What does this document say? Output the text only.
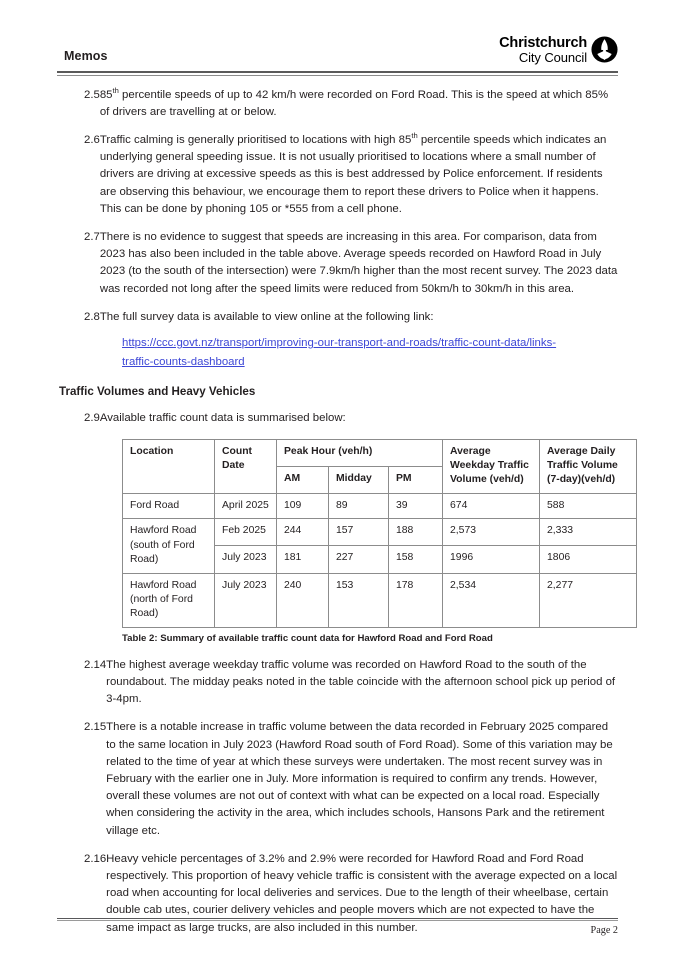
Memos
Christchurch
City Council
2.5 85th percentile speeds of up to 42 km/h were recorded on Ford Road. This is the speed at which 85% of drivers are travelling at or below.
2.6 Traffic calming is generally prioritised to locations with high 85th percentile speeds which indicates an underlying general speeding issue. It is not usually prioritised to locations where a small number of drivers are driving at excessive speeds as this is best addressed by Police enforcement. If residents are observing this behaviour, we encourage them to report these drivers to Police when it happens. This can be done by phoning 105 or *555 from a cell phone.
2.7 There is no evidence to suggest that speeds are increasing in this area. For comparison, data from 2023 has also been included in the table above. Average speeds recorded on Hawford Road in July 2023 (to the south of the intersection) were 7.9km/h higher than the most recent survey. The 2023 data was recorded not long after the speed limits were reduced from 50km/h to 30km/h in this area.
2.8 The full survey data is available to view online at the following link:
https://ccc.govt.nz/transport/improving-our-transport-and-roads/traffic-count-data/links-traffic-counts-dashboard
Traffic Volumes and Heavy Vehicles
2.9 Available traffic count data is summarised below:
Location	Count Date	Peak Hour (veh/h)			Average Weekday Traffic Volume (veh/d)	Average Daily Traffic Volume (7-day)(veh/d)
		AM	Midday	PM		
Ford Road	April 2025	109	89	39	674	588
Hawford Road (south of Ford Road)	Feb 2025	244	157	188	2,573	2,333
	July 2023	181	227	158	1996	1806
Hawford Road (north of Ford Road)	July 2023	240	153	178	2,534	2,277
Table 2: Summary of available traffic count data for Hawford Road and Ford Road
2.14 The highest average weekday traffic volume was recorded on Hawford Road to the south of the roundabout. The midday peaks noted in the table coincide with the afternoon school pick up period of 3-4pm.
2.15 There is a notable increase in traffic volume between the data recorded in February 2025 compared to the same location in July 2023 (Hawford Road south of Ford Road). Some of this variation may be related to the time of year at which these surveys were undertaken. The most recent survey was in February with the earlier one in July. More information is required to confirm any trends. However, overall these volumes are not out of context with what can be expected on a local road. Especially when considering the activity in the area, which includes schools, Hansons Park and the retirement village etc.
2.16 Heavy vehicle percentages of 3.2% and 2.9% were recorded for Hawford Road and Ford Road respectively. This proportion of heavy vehicle traffic is consistent with the average expected on a local road when accounting for local deliveries and services. Due to the length of their wheelbase, certain double cab utes, courier delivery vehicles and people movers which are not expected to have the same impact as large trucks, are also included in this number.	Page 2
